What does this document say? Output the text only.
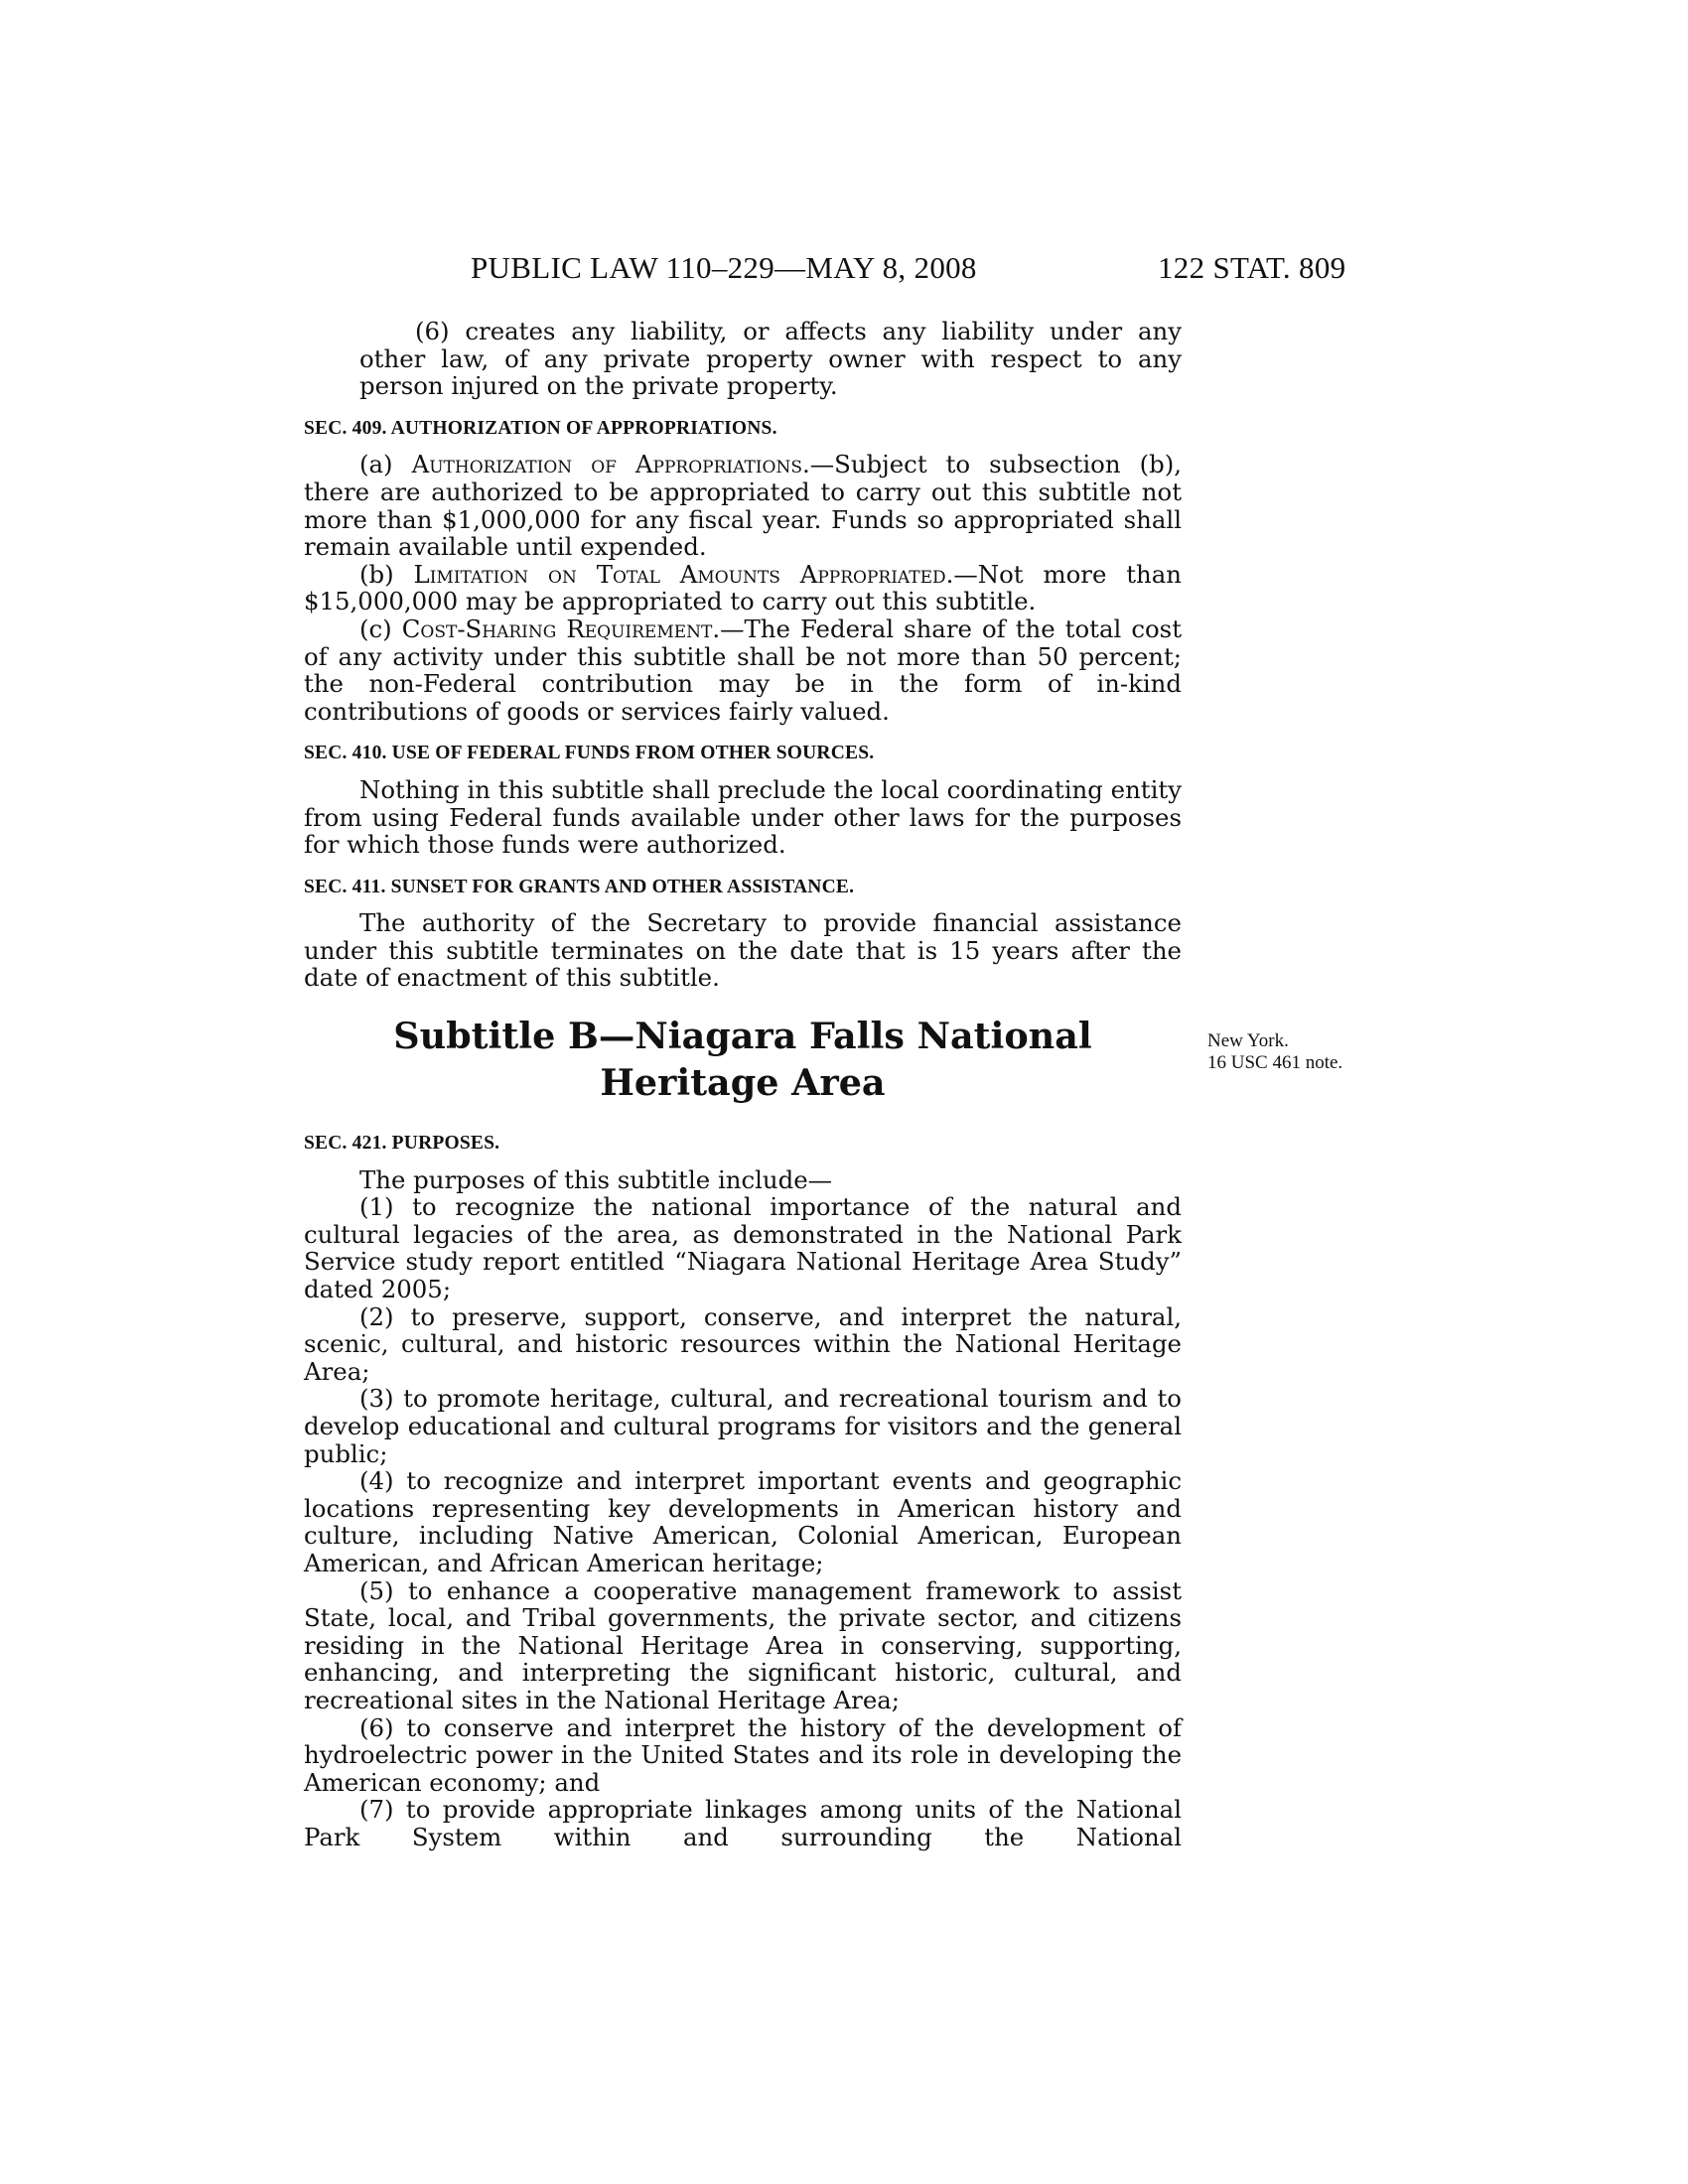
PUBLIC LAW 110–229—MAY 8, 2008	122 STAT. 809

(6) creates any liability, or affects any liability under any other law, of any private property owner with respect to any person injured on the private property.

SEC. 409. AUTHORIZATION OF APPROPRIATIONS.

(a) Authorization of Appropriations.—Subject to subsection (b), there are authorized to be appropriated to carry out this subtitle not more than $1,000,000 for any fiscal year. Funds so appropriated shall remain available until expended.

(b) Limitation on Total Amounts Appropriated.—Not more than $15,000,000 may be appropriated to carry out this subtitle.

(c) Cost-Sharing Requirement.—The Federal share of the total cost of any activity under this subtitle shall be not more than 50 percent; the non-Federal contribution may be in the form of in-kind contributions of goods or services fairly valued.

SEC. 410. USE OF FEDERAL FUNDS FROM OTHER SOURCES.

Nothing in this subtitle shall preclude the local coordinating entity from using Federal funds available under other laws for the purposes for which those funds were authorized.

SEC. 411. SUNSET FOR GRANTS AND OTHER ASSISTANCE.

The authority of the Secretary to provide financial assistance under this subtitle terminates on the date that is 15 years after the date of enactment of this subtitle.

Subtitle B—Niagara Falls National
Heritage Area
SEC. 421. PURPOSES.

The purposes of this subtitle include—

(1) to recognize the national importance of the natural and cultural legacies of the area, as demonstrated in the National Park Service study report entitled “Niagara National Heritage Area Study” dated 2005;

(2) to preserve, support, conserve, and interpret the natural, scenic, cultural, and historic resources within the National Heritage Area;

(3) to promote heritage, cultural, and recreational tourism and to develop educational and cultural programs for visitors and the general public;

(4) to recognize and interpret important events and geographic locations representing key developments in American history and culture, including Native American, Colonial American, European American, and African American heritage;

(5) to enhance a cooperative management framework to assist State, local, and Tribal governments, the private sector, and citizens residing in the National Heritage Area in conserving, supporting, enhancing, and interpreting the significant historic, cultural, and recreational sites in the National Heritage Area;

(6) to conserve and interpret the history of the development of hydroelectric power in the United States and its role in developing the American economy; and

(7) to provide appropriate linkages among units of the National Park System within and surrounding the National

New York.
16 USC 461 note.
